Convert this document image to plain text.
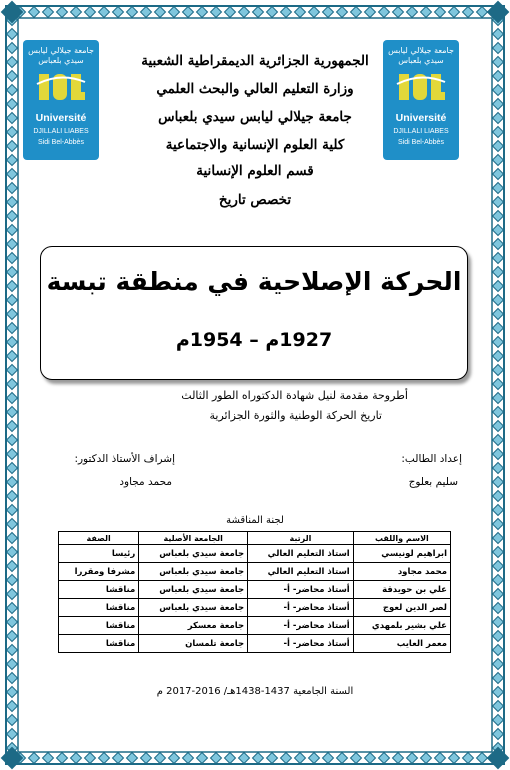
جامعة جيلالي ليابس
سيدي بلعباس
Université
DJILLALI LIABES
Sidi Bel-Abbès
جامعة جيلالي ليابس
سيدي بلعباس
Université
DJILLALI LIABES
Sidi Bel-Abbès
الجمهورية الجزائرية الديمقراطية الشعبية
وزارة التعليم العالي والبحث العلمي
جامعة جيلالي ليابس سيدي بلعباس
كلية العلوم الإنسانية والاجتماعية
قسم العلوم الإنسانية
تخصص تاريخ
الحركة الإصلاحية في منطقة تبسة
1927م – 1954م
أطروحة مقدمة لنيل شهادة الدكتوراه الطور الثالث
تاريخ الحركة الوطنية والثورة الجزائرية
إعداد الطالب:
سليم بعلوج
إشراف الأستاذ الدكتور:
محمد مجاود
لجنة المناقشة
الاسم واللقب	الرتبة	الجامعة الأصلية	الصفة
ابراهيم لونيسي	استاذ التعليم العالي	جامعة سيدي بلعباس	رئيسا
محمد مجاود	استاذ التعليم العالي	جامعة سيدي بلعباس	مشرفا ومقررا
علي بن حويدقة	أستاذ محاضر- أ-	جامعة سيدي بلعباس	مناقشا
لصر الدين لعوج	أستاذ محاضر- أ-	جامعة سيدي بلعباس	مناقشا
علي بشير بلمهدي	أستاذ محاضر- أ-	جامعة معسكر	مناقشا
معمر العايب	أستاذ محاضر- أ-	جامعة تلمسان	مناقشا
السنة الجامعية 1437-1438هـ/ 2016-2017 م
